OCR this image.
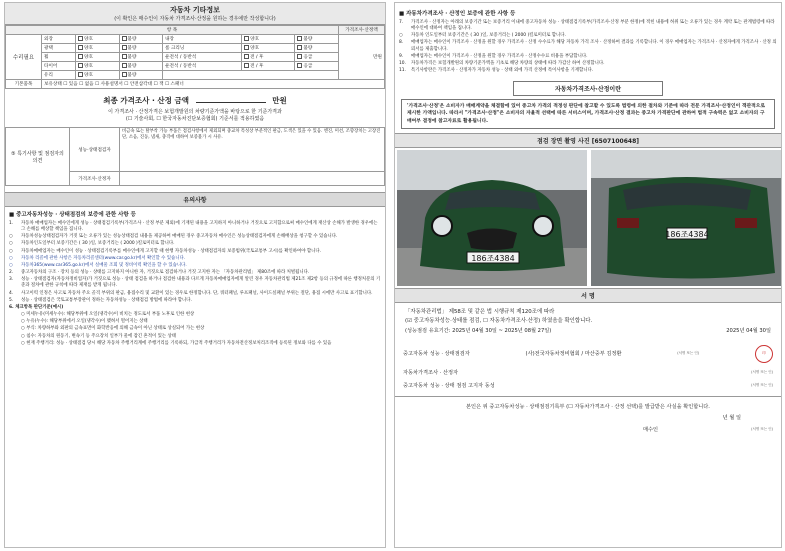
자동차 기타정보
(이 확인은 매수인이 자동차 가격조사·산정을 원하는 경우에만 작성합니다)
항 목							가격조사·산정액
수리필요	외장	양호	불량	내장	양호	불량	만원
	광택	양호	불량	룸 크리닝	양호	불량	
	휠	양호	불량	운전석 / 동반석	전 / 후	응급	
	타이어	양호	불량	운전석 / 동반석	전 / 후	응급	
	유리	양호	불량				
기본품목	보유상태 ☐ 있음 ☐ 없음 ☐ 사용설명서 ☐ 안전삼각대 ☐ 잭 ☐ 스패너						
최종 가격조사 · 산정 금액	만원
이 가격조사 · 산정가격은 보험개발원의 차량기준가액을 바탕으로 한 기준가격과
(☐ 기술사회, ☐ 한국자동차진단보증협회) 기준서를 적용하였음
⑤ 특기사항 및 점검자의 의견	성능·상태점검자	비금속 또는 탈부착 가능 부품은 점검사항에서 제외되며 충교차 특성상 부분적인 판금, 도색은 있을 수 있음. 엔진, 미션, 조향장치는 고장진단, 소음, 진동, 냄새, 충격에 대하여 보증불가 시 사유.
	가격조사·산정자	
유의사항
■ 중고자동차성능 · 상태점검의 보증에 관한 사항 등
1.	자동차 매매업자는 매수인에게 성능 · 상태점검기록부(가격조사 · 산정 부분 제외)에 기재된 내용을 고지하지 아니하거나 거짓으로 고지함으로써 매수인에게 재산상 손해가 발생한 경우에는 그 손해를 배상할 책임을 집니다.
○	자동차성능상태점검자가 거짓 또는 오류가 있는 성능상태점검 내용을 제공하여 매매된 경우 중고자동차 매수인은 성능상태점검자에게 손해배상을 청구할 수 있습니다.
○	자동차인도일부터 보증기간은 ( 30 )일, 보증거리는 ( 2000 )킬로미터로 합니다.
○	자동차매매업자는 매수인이 성능 · 상태점검기록부를 매수인에게 고지할 때 현행 자동차성능 · 상태점검자의 보증범위(국토교통부 고시)를 확인하여야 합니다.
○	자동차 리콜에 관한 사항은 자동차리콜센터(www.car.go.kr)에서 확인할 수 있습니다.
○	자동차365(www.car365.go.kr)에서 실매물 조회 및 정비이력 확인을 할 수 있습니다.
2.	중고자동차의 구조 · 장치 등의 성능 · 상태를 고지하지 아니한 자, 거짓으로 점검하거나 거짓 고지한 자는 「자동차관리법」 제80조에 따라 처벌됩니다.
3.	성능 · 상태점검자(자동차정비업자)가 거짓으로 성능 · 상태 점검을 하거나 점검한 내용과 다르게 자동차매매업자에게 알린 경우 자동차관리법 제21조 제2항 등의 규정에 따른 행정처분의 기준과 절차에 관한 규칙에 따라 제재를 받게 됩니다.
4.	사고이력 인정은 사고로 자동차 주요 골격 부위의 판금, 용접수리 및 교환이 있는 경우로 한정합니다. 단, 쿼터패널, 루프패널, 사이드실패널 부위는 절단, 용접 시에만 사고로 표기합니다.
5.	성능 · 상태점검은 국토교통부장관이 정하는 자동차성능 · 상태점검 방법에 따라야 합니다.
6. 체크항목 판단기준(예시)
○ 미세누유(미세누수): 해당부위에 오일(냉각수)이 비치는 정도로서 부품 노후로 인한 현상
○ 누유(누수): 해당부위에서 오일(냉각수)이 맺혀서 떨어지는 상태
○ 부식: 차량하부와 외판의 금속표면이 화학반응에 의해 금속이 아닌 상태로 상실되어 가는 현상
○ 침수: 자동차의 원동기, 변속기 등 주요장치 일부가 물에 잠긴 흔적이 있는 상태
○ 현재 주행거리: 성능 · 상태점검 당시 해당 자동차 주행거리계에 주행거리를 기록하되, 가급적 주행거리가 자동차전산정보처리조직에 등록된 정보와 다를 수 있음
■ 자동차가격조사 · 산정인 보증에 관한 사항 등
7.	가격조사 · 산정자는 아래의 보증기간 또는 보증거리 이내에 중고자동차 성능 · 상태점검기록부(가격조사·산정 부분 한정)에 적힌 내용에 허위 또는 오류가 있는 경우 계약 또는 관계법령에 따라 매수인에 대하여 책임을 집니다.
○	자동차 인도일부터 보증기간은 ( 30 )일, 보증거리는 ( 2000 )킬로미터로 합니다.
8.	매매업자는 매수인이 가격조사 · 산정을 원할 경우 가격조사 · 산정 수수료가 해당 자동차 가격 조사 · 산정하여 결과를 기록합니다. 이 경우 매매업자는 가격조사 · 산정자에게 가격조사 · 산정 의뢰서를 제출합니다.
9.	매매업자는 매수인이 가격조사 · 산정을 원할 경우 가격조사 · 산정수수료 비용을 부담합니다.
10.	자동차가격은 보험개발원의 차량기준가액을 기초로 해당 차량의 상태에 따라 가감산 하여 산정합니다.
11.	특기사항란은 가격조사 · 산정자가 자동차 성능 · 상태 외에 가격 산정에 특이사항을 기재합니다.
자동차가격조사·산정이란
'가격조사·산정'은 소비자가 매매계약을 체결함에 있어 중고차 가격의 적정성 판단에 참고할 수 있도록 법령에 의한 절차와 기준에 따라 전문 가격조사·산정인이 객관적으로 제시한 가액입니다. 따라서 "가격조사·산정"은 소비자의 자율적 선택에 따른 서비스이며, 가격조사·산정 결과는 중고차 가격판단에 관하여 법적 구속력은 없고 소비자의 구매여부 결정에 참고자료로 활용됩니다.
점검 장면 촬영 사진 [6507100648]
186조4384
186조4384
서 명
「자동차관리법」 제58조 및 같은 법 시행규칙 제120조에 따라
(☑ 중고자동차성능·상태를 점검, ☐ 자동차가격조사·산정) 하였음을 확인합니다.
(성능점검 유효기간: 2025년 04월 30일 ~ 2025년 08월 27일)	2025년 04월 30일
중고자동차 성능 · 상태점검자	(사)전국자동차정비협회 / 마산중부 김정환	(서명 또는 인)	印
자동차가격조사 · 산정자	(서명 또는 인)
중고자동차 성능 · 상태 점검 고지자 동성	(서명 또는 인)
본인은 위 중고자동차성능 · 상태점검기록부 (☐ 자동차가격조사 · 산정 선택)를 발급받은 사실을 확인합니다.
년 월 일
매수인	(서명 또는 인)
